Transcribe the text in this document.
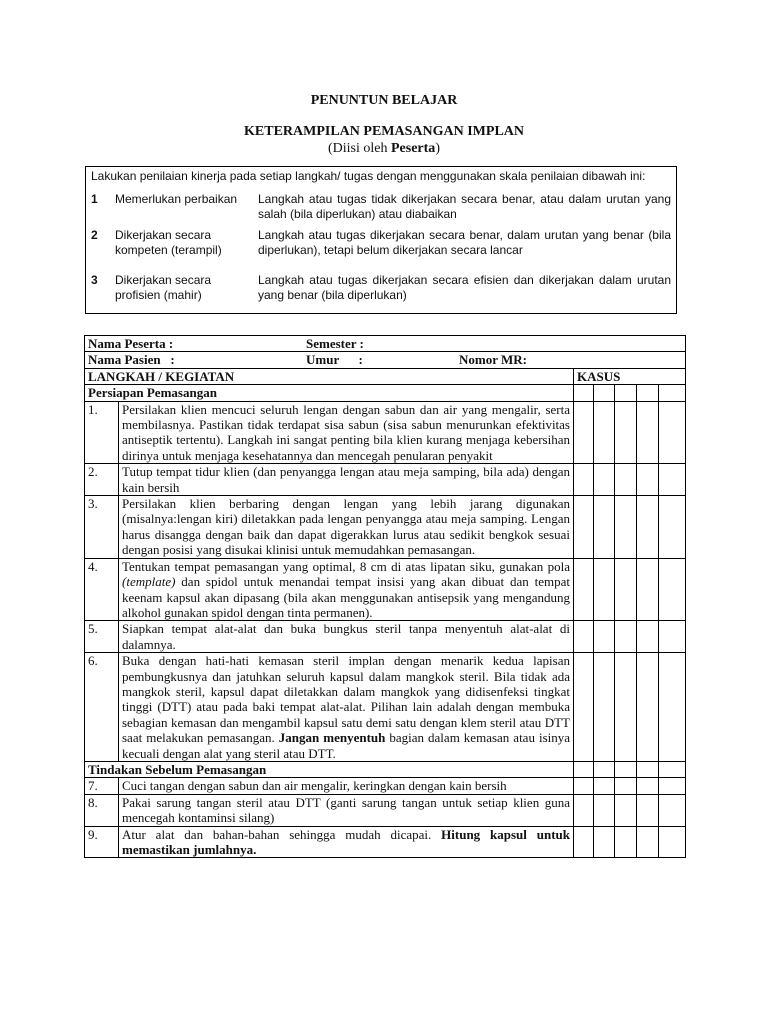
PENUNTUN BELAJAR
KETERAMPILAN PEMASANGAN IMPLAN
(Diisi oleh Peserta)
Lakukan penilaian kinerja pada setiap langkah/ tugas dengan menggunakan skala penilaian dibawah ini:
1 Memerlukan perbaikan	Langkah atau tugas tidak dikerjakan secara benar, atau dalam urutan yang salah (bila diperlukan) atau diabaikan
2 Dikerjakan secara kompeten (terampil)
Langkah atau tugas dikerjakan secara benar, dalam urutan yang benar (bila diperlukan), tetapi belum dikerjakan secara lancar
3 Dikerjakan secara profisien (mahir)
Langkah atau tugas dikerjakan secara efisien dan dikerjakan dalam urutan yang benar (bila diperlukan)
Nama Peserta : Semester :						

Nama Pasien   : Umur      : Nomor MR:						

LANGKAH / KEGIATAN		KASUS				
Persiapan Pemasangan						
1.	Persilakan klien mencuci seluruh lengan dengan sabun dan air yang mengalir, serta membilasnya. Pastikan tidak terdapat sisa sabun (sisa sabun menurunkan efektivitas antiseptik tertentu). Langkah ini sangat penting bila klien kurang menjaga kebersihan dirinya untuk menjaga kesehatannya dan mencegah penularan penyakit					
2.	Tutup tempat tidur klien (dan penyangga lengan atau meja samping, bila ada) dengan kain bersih					
3.	Persilakan klien berbaring dengan lengan yang lebih jarang digunakan (misalnya:lengan kiri) diletakkan pada lengan penyangga atau meja samping. Lengan harus disangga dengan baik dan dapat digerakkan lurus atau sedikit bengkok sesuai dengan posisi yang disukai klinisi untuk memudahkan pemasangan.					
4.	Tentukan tempat pemasangan yang optimal, 8 cm di atas lipatan siku, gunakan pola (template) dan spidol untuk menandai tempat insisi yang akan dibuat dan tempat keenam kapsul akan dipasang (bila akan menggunakan antisepsik yang mengandung alkohol gunakan spidol dengan tinta permanen).					
5.	Siapkan tempat alat-alat dan buka bungkus steril tanpa menyentuh alat-alat di dalamnya.					
6.	Buka dengan hati-hati kemasan steril implan dengan menarik kedua lapisan pembungkusnya dan jatuhkan seluruh kapsul dalam mangkok steril. Bila tidak ada mangkok steril, kapsul dapat diletakkan dalam mangkok yang didisenfeksi tingkat tinggi (DTT) atau pada baki tempat alat-alat. Pilihan lain adalah dengan membuka sebagian kemasan dan mengambil kapsul satu demi satu dengan klem steril atau DTT saat melakukan pemasangan. Jangan menyentuh bagian dalam kemasan atau isinya kecuali dengan alat yang steril atau DTT.					
Tindakan Sebelum Pemasangan						
7.	Cuci tangan dengan sabun dan air mengalir, keringkan dengan kain bersih					
8.	Pakai sarung tangan steril atau DTT (ganti sarung tangan untuk setiap klien guna mencegah kontaminsi silang)					
9.	Atur alat dan bahan-bahan sehingga mudah dicapai. Hitung kapsul untuk memastikan jumlahnya.					
